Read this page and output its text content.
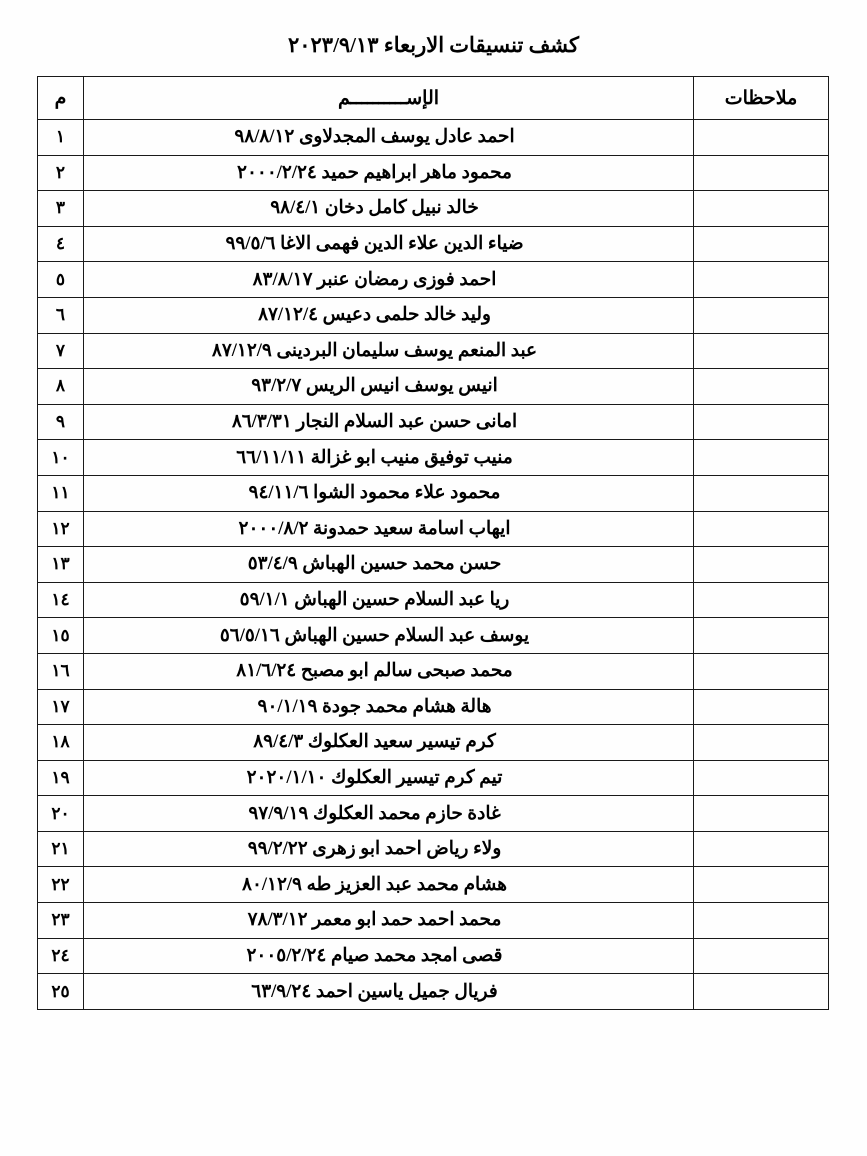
كشف تنسيقات الاربعاء ٢٠٢٣/٩/١٣
ملاحظات	الإســــــــــم	م
	احمد عادل يوسف المجدلاوى ٩٨/٨/١٢	١
	محمود ماهر ابراهيم حميد ٢٠٠٠/٢/٢٤	٢
	خالد نبيل كامل دخان ٩٨/٤/١	٣
	ضياء الدين علاء الدين فهمى الاغا ٩٩/٥/٦	٤
	احمد فوزى رمضان عنبر ٨٣/٨/١٧	٥
	وليد خالد حلمى دعيس ٨٧/١٢/٤	٦
	عبد المنعم يوسف سليمان البردينى ٨٧/١٢/٩	٧
	انيس يوسف انيس الريس ٩٣/٢/٧	٨
	امانى حسن عبد السلام النجار ٨٦/٣/٣١	٩
	منيب توفيق منيب ابو غزالة ٦٦/١١/١١	١٠
	محمود علاء محمود الشوا ٩٤/١١/٦	١١
	ايهاب اسامة سعيد حمدونة ٢٠٠٠/٨/٢	١٢
	حسن محمد حسين الهباش ٥٣/٤/٩	١٣
	ريا عبد السلام حسين الهباش ٥٩/١/١	١٤
	يوسف عبد السلام حسين الهباش ٥٦/٥/١٦	١٥
	محمد صبحى سالم ابو مصبح ٨١/٦/٢٤	١٦
	هالة هشام محمد جودة ٩٠/١/١٩	١٧
	كرم تيسير سعيد العكلوك ٨٩/٤/٣	١٨
	تيم كرم تيسير العكلوك ٢٠٢٠/١/١٠	١٩
	غادة حازم محمد العكلوك ٩٧/٩/١٩	٢٠
	ولاء رياض احمد ابو زهرى ٩٩/٢/٢٢	٢١
	هشام محمد عبد العزيز طه ٨٠/١٢/٩	٢٢
	محمد احمد حمد ابو معمر ٧٨/٣/١٢	٢٣
	قصى امجد محمد صيام ٢٠٠٥/٢/٢٤	٢٤
	فريال جميل ياسين احمد ٦٣/٩/٢٤	٢٥
